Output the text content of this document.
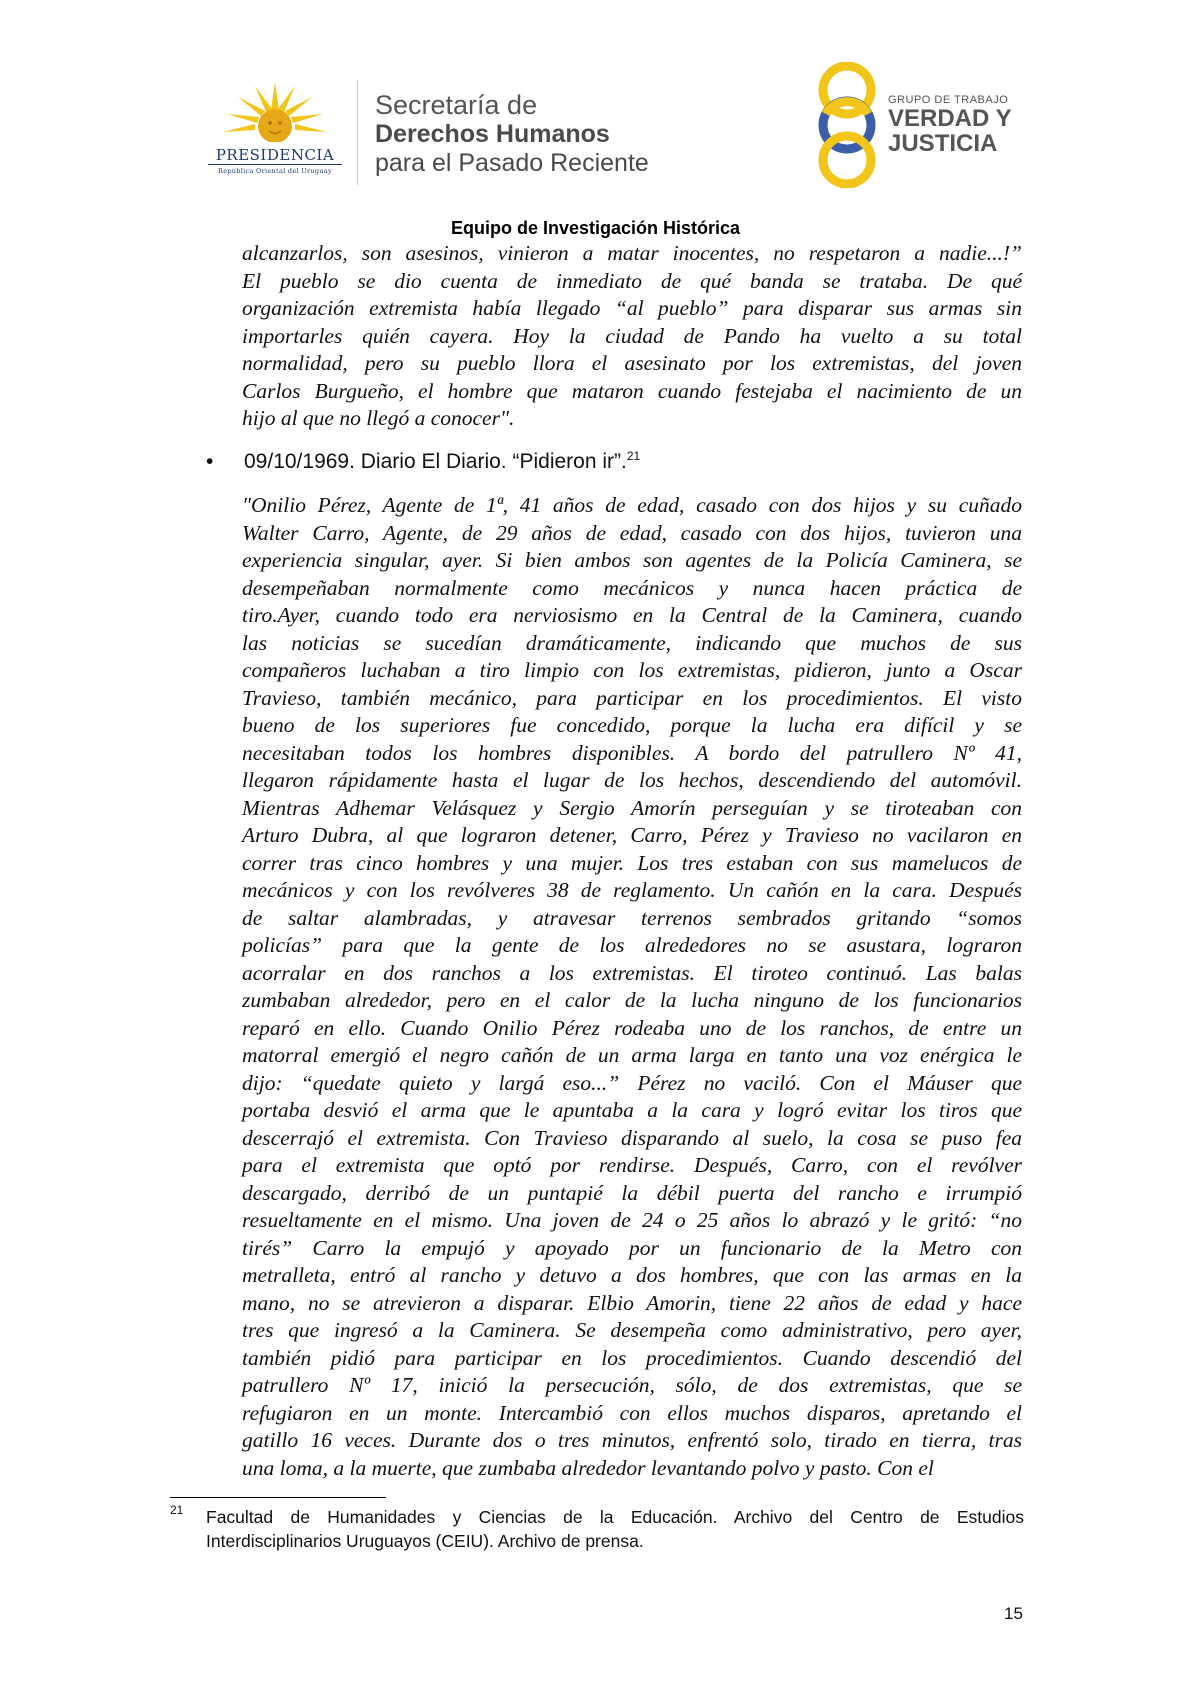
PRESIDENCIA
República Oriental del Uruguay
Secretaría de
Derechos Humanos
para el Pasado Reciente
GRUPO DE TRABAJO
VERDAD Y
JUSTICIA
Equipo de Investigación Histórica
alcanzarlos, son asesinos, vinieron a matar inocentes, no respetaron a nadie...!”
El pueblo se dio cuenta de inmediato de qué banda se trataba. De qué
organización extremista había llegado “al pueblo” para disparar sus armas sin
importarles quién cayera. Hoy la ciudad de Pando ha vuelto a su total
normalidad, pero su pueblo llora el asesinato por los extremistas, del joven
Carlos Burgueño, el hombre que mataron cuando festejaba el nacimiento de un
hijo al que no llegó a conocer".
• 09/10/1969. Diario El Diario. “Pidieron ir”.$^{21}$
"Onilio Pérez, Agente de 1ª, 41 años de edad, casado con dos hijos y su cuñado
Walter Carro, Agente, de 29 años de edad, casado con dos hijos, tuvieron una
experiencia singular, ayer. Si bien ambos son agentes de la Policía Caminera, se
desempeñaban normalmente como mecánicos y nunca hacen práctica de
tiro.Ayer, cuando todo era nerviosismo en la Central de la Caminera, cuando
las noticias se sucedían dramáticamente, indicando que muchos de sus
compañeros luchaban a tiro limpio con los extremistas, pidieron, junto a Oscar
Travieso, también mecánico, para participar en los procedimientos. El visto
bueno de los superiores fue concedido, porque la lucha era difícil y se
necesitaban todos los hombres disponibles. A bordo del patrullero Nº 41,
llegaron rápidamente hasta el lugar de los hechos, descendiendo del automóvil.
Mientras Adhemar Velásquez y Sergio Amorín perseguían y se tiroteaban con
Arturo Dubra, al que lograron detener, Carro, Pérez y Travieso no vacilaron en
correr tras cinco hombres y una mujer. Los tres estaban con sus mamelucos de
mecánicos y con los revólveres 38 de reglamento. Un cañón en la cara. Después
de saltar alambradas, y atravesar terrenos sembrados gritando “somos
policías” para que la gente de los alrededores no se asustara, lograron
acorralar en dos ranchos a los extremistas. El tiroteo continuó. Las balas
zumbaban alrededor, pero en el calor de la lucha ninguno de los funcionarios
reparó en ello. Cuando Onilio Pérez rodeaba uno de los ranchos, de entre un
matorral emergió el negro cañón de un arma larga en tanto una voz enérgica le
dijo: “quedate quieto y largá eso...” Pérez no vaciló. Con el Máuser que
portaba desvió el arma que le apuntaba a la cara y logró evitar los tiros que
descerrajó el extremista. Con Travieso disparando al suelo, la cosa se puso fea
para el extremista que optó por rendirse. Después, Carro, con el revólver
descargado, derribó de un puntapié la débil puerta del rancho e irrumpió
resueltamente en el mismo. Una joven de 24 o 25 años lo abrazó y le gritó: “no
tirés” Carro la empujó y apoyado por un funcionario de la Metro con
metralleta, entró al rancho y detuvo a dos hombres, que con las armas en la
mano, no se atrevieron a disparar. Elbio Amorin, tiene 22 años de edad y hace
tres que ingresó a la Caminera. Se desempeña como administrativo, pero ayer,
también pidió para participar en los procedimientos. Cuando descendió del
patrullero Nº 17, inició la persecución, sólo, de dos extremistas, que se
refugiaron en un monte. Intercambió con ellos muchos disparos, apretando el
gatillo 16 veces. Durante dos o tres minutos, enfrentó solo, tirado en tierra, tras
una loma, a la muerte, que zumbaba alrededor levantando polvo y pasto. Con el
21 Facultad de Humanidades y Ciencias de la Educación. Archivo del Centro de Estudios
Interdisciplinarios Uruguayos (CEIU). Archivo de prensa.
15
